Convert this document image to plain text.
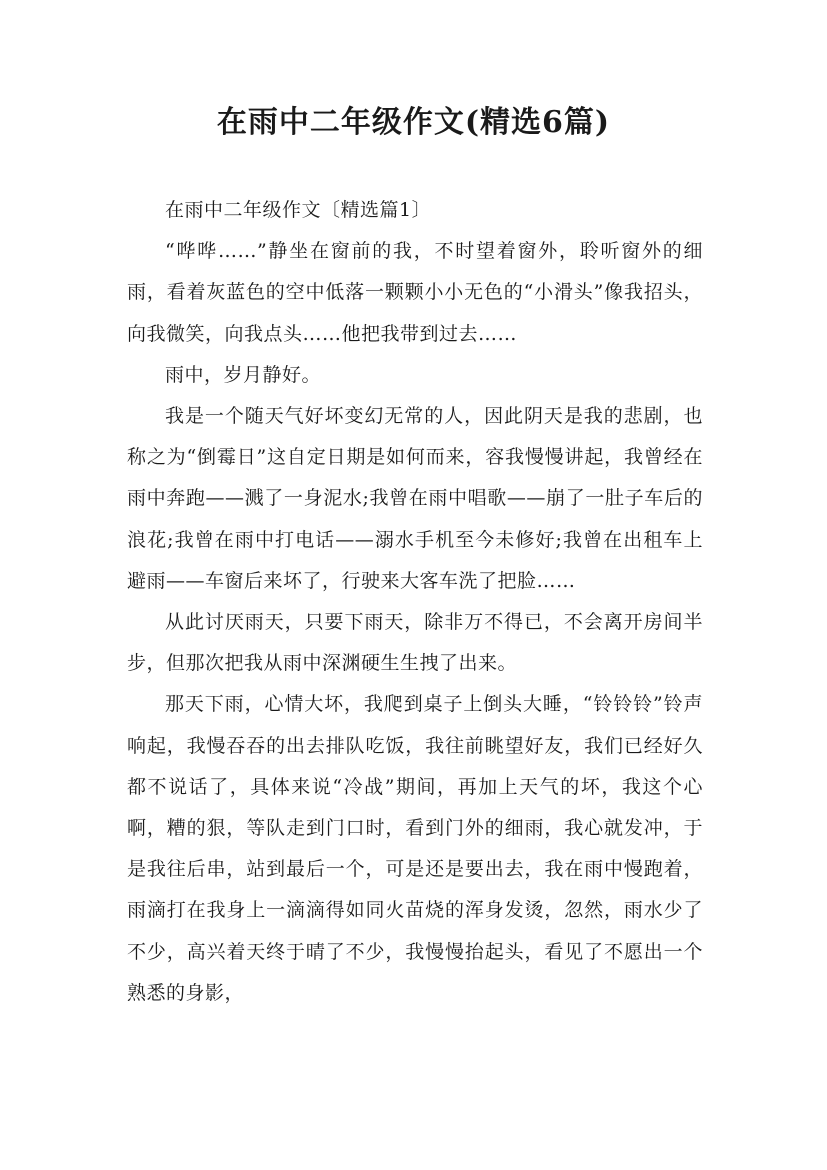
在雨中二年级作文(精选6篇)

在雨中二年级作文〔精选篇1〕

“哗哗……”静坐在窗前的我，不时望着窗外，聆听窗外的细雨，看着灰蓝色的空中低落一颗颗小小无色的“小滑头”像我招头，向我微笑，向我点头……他把我带到过去……

雨中，岁月静好。

我是一个随天气好坏变幻无常的人，因此阴天是我的悲剧，也称之为“倒霉日”这自定日期是如何而来，容我慢慢讲起，我曾经在雨中奔跑——溅了一身泥水;我曾在雨中唱歌——崩了一肚子车后的浪花;我曾在雨中打电话——溺水手机至今未修好;我曾在出租车上避雨——车窗后来坏了，行驶来大客车洗了把脸……

从此讨厌雨天，只要下雨天，除非万不得已，不会离开房间半步，但那次把我从雨中深渊硬生生拽了出来。

那天下雨，心情大坏，我爬到桌子上倒头大睡，“铃铃铃”铃声响起，我慢吞吞的出去排队吃饭，我往前眺望好友，我们已经好久都不说话了，具体来说“冷战”期间，再加上天气的坏，我这个心啊，糟的狠，等队走到门口时，看到门外的细雨，我心就发冲，于是我往后串，站到最后一个，可是还是要出去，我在雨中慢跑着，雨滴打在我身上一滴滴得如同火苗烧的浑身发烫，忽然，雨水少了不少，高兴着天终于晴了不少，我慢慢抬起头，看见了不愿出一个熟悉的身影，
